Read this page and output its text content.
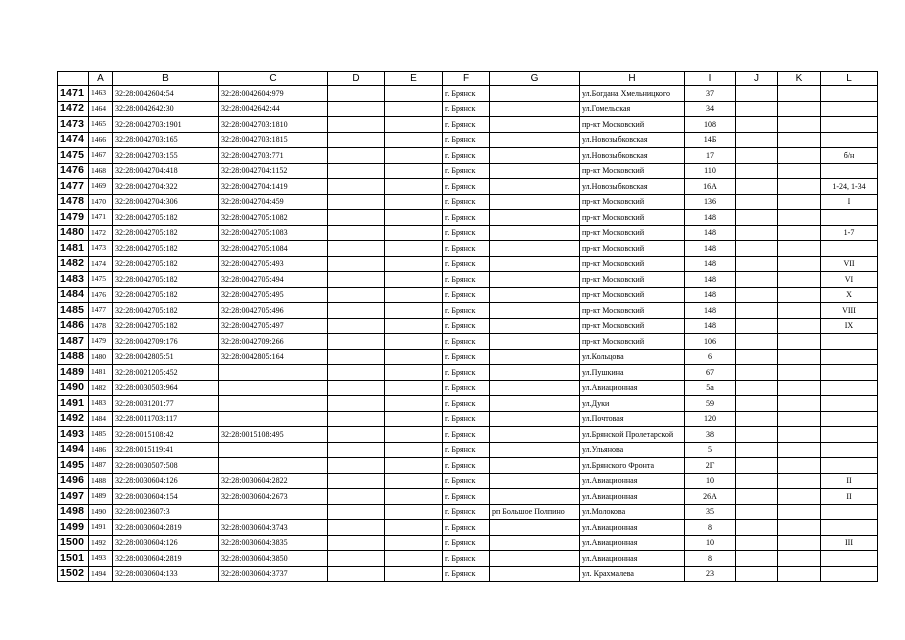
	A	B	C	D	E	F	G	H	I	J	K	L
1471	1463	32:28:0042604:54	32:28:0042604:979			г. Брянск		ул.Богдана Хмельницкого	37			
1472	1464	32:28:0042642:30	32:28:0042642:44			г. Брянск		ул.Гомельская	34			
1473	1465	32:28:0042703:1901	32:28:0042703:1810			г. Брянск		пр-кт Московский	108			
1474	1466	32:28:0042703:165	32:28:0042703:1815			г. Брянск		ул.Новозыбковская	14Б			
1475	1467	32:28:0042703:155	32:28:0042703:771			г. Брянск		ул.Новозыбковская	17			б/н
1476	1468	32:28:0042704:418	32:28:0042704:1152			г. Брянск		пр-кт Московский	110			
1477	1469	32:28:0042704:322	32:28:0042704:1419			г. Брянск		ул.Новозыбковская	16А			1-24, 1-34
1478	1470	32:28:0042704:306	32:28:0042704:459			г. Брянск		пр-кт Московский	136			I
1479	1471	32:28:0042705:182	32:28:0042705:1082			г. Брянск		пр-кт Московский	148			
1480	1472	32:28:0042705:182	32:28:0042705:1083			г. Брянск		пр-кт Московский	148			1-7
1481	1473	32:28:0042705:182	32:28:0042705:1084			г. Брянск		пр-кт Московский	148			
1482	1474	32:28:0042705:182	32:28:0042705:493			г. Брянск		пр-кт Московский	148			VII
1483	1475	32:28:0042705:182	32:28:0042705:494			г. Брянск		пр-кт Московский	148			VI
1484	1476	32:28:0042705:182	32:28:0042705:495			г. Брянск		пр-кт Московский	148			X
1485	1477	32:28:0042705:182	32:28:0042705:496			г. Брянск		пр-кт Московский	148			VIII
1486	1478	32:28:0042705:182	32:28:0042705:497			г. Брянск		пр-кт Московский	148			IX
1487	1479	32:28:0042709:176	32:28:0042709:266			г. Брянск		пр-кт Московский	106			
1488	1480	32:28:0042805:51	32:28:0042805:164			г. Брянск		ул.Кольцова	6			
1489	1481	32:28:0021205:452				г. Брянск		ул.Пушкина	67			
1490	1482	32:28:0030503:964				г. Брянск		ул.Авиационная	5а			
1491	1483	32:28:0031201:77				г. Брянск		ул.Дуки	59			
1492	1484	32:28:0011703:117				г. Брянск		ул.Почтовая	120			
1493	1485	32:28:0015108:42	32:28:0015108:495			г. Брянск		ул.Брянской Пролетарской	38			
1494	1486	32:28:0015119:41				г. Брянск		ул.Ульянова	5			
1495	1487	32:28:0030507:508				г. Брянск		ул.Брянского Фронта	2Г			
1496	1488	32:28:0030604:126	32:28:0030604:2822			г. Брянск		ул.Авиационная	10			II
1497	1489	32:28:0030604:154	32:28:0030604:2673			г. Брянск		ул.Авиационная	26А			II
1498	1490	32:28:0023607:3				г. Брянск	рп Большое Полпино	ул.Молокова	35			
1499	1491	32:28:0030604:2819	32:28:0030604:3743			г. Брянск		ул.Авиационная	8			
1500	1492	32:28:0030604:126	32:28:0030604:3835			г. Брянск		ул.Авиационная	10			III
1501	1493	32:28:0030604:2819	32:28:0030604:3850			г. Брянск		ул.Авиационная	8			
1502	1494	32:28:0030604:133	32:28:0030604:3737			г. Брянск		ул. Крахмалева	23			
